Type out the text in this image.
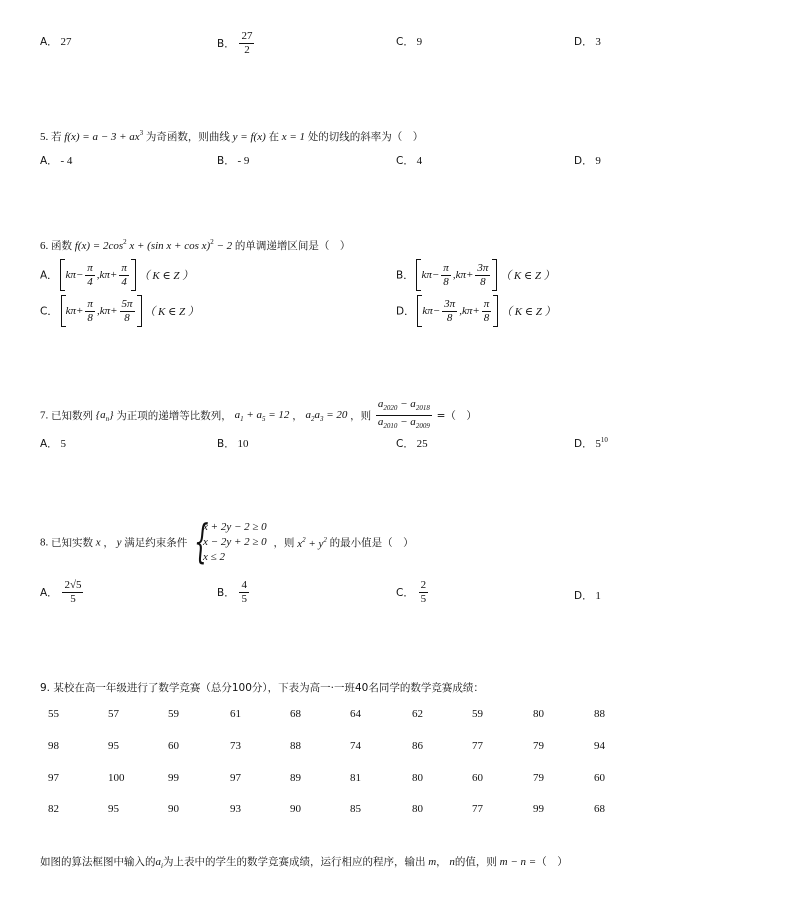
A． 27	B． $\frac{27}{2}$	C． 9	D． 3
5. 若 $f(x) = a - 3 + ax^3$ 为奇函数，则曲线 y = f(x) 在 x = 1 处的切线的斜率为（　）
A． - 4	B． - 9	C． 4	D． 9
6. 函数 $f(x) = 2\cos^2$ x + (sin x + cos x)$^2$ − 2 的单调递增区间是（　）
A． $k\pi- \frac{\pi}{4} ,k\pi+ \frac{\pi}{4}$ （ K ∈ Z ）	B． $k\pi- \frac{\pi}{8} ,k\pi+ \frac{3\pi}{8}$ （ K ∈ Z ）
C． $k\pi+ \frac{\pi}{8} ,k\pi+ \frac{5\pi}{8}$ （ K ∈ Z ）	D． $k\pi- \frac{3\pi}{8} ,k\pi+ \frac{\pi}{8}$ （ K ∈ Z ）
7. 已知数列 $\{a_n\}$ 为正项的递增等比数列， $a_1 + a_5 = 12$ ， $a_2a_3 = 20$ ，则 $\frac{a_{2020} - a_{2018}}{a_{2010} - a_{2009}}$ =（　）
A． 5	B． 10	C． 25	D． $5^{10}$
8. 已知实数 x ， y 满足约束条件 {
x + 2y − 2 ≥ 0
x − 2y + 2 ≥ 0
x ≤ 2
，则 $x^2 + y^2$ 的最小值是（　）
A． $\frac{2√5}{5}$	B． $\frac{4}{5}$	C． $\frac{2}{5}$	D． 1
9. 某校在高一年级进行了数学竞赛（总分100分），下表为高一·一班40名同学的数学竞赛成绩：
55	57	59	61	68	64	62	59	80	88
98	95	60	73	88	74	86	77	79	94
97	100	99	97	89	81	80	60	79	60
82	95	90	93	90	85	80	77	99	68
如图的算法框图中输入的$a_i$为上表中的学生的数学竞赛成绩，运行相应的程序，输出 m， n的值，则 m − n =（　）
